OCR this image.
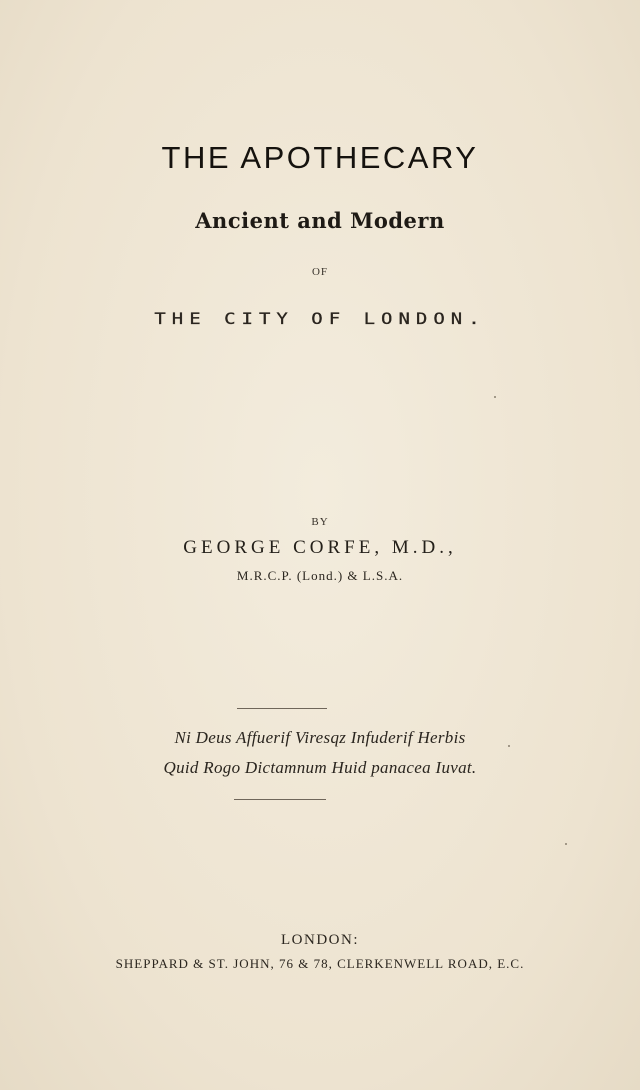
THE APOTHECARY
Ancient and Modern
OF
THE CITY OF LONDON.
BY
GEORGE CORFE, M.D.,
M.R.C.P. (Lond.) & L.S.A.
Ni Deus Affuerif Viresqz Infuderif Herbis
Quid Rogo Dictamnum Huid panacea Iuvat.
LONDON:
SHEPPARD & ST. JOHN, 76 & 78, CLERKENWELL ROAD, E.C.
